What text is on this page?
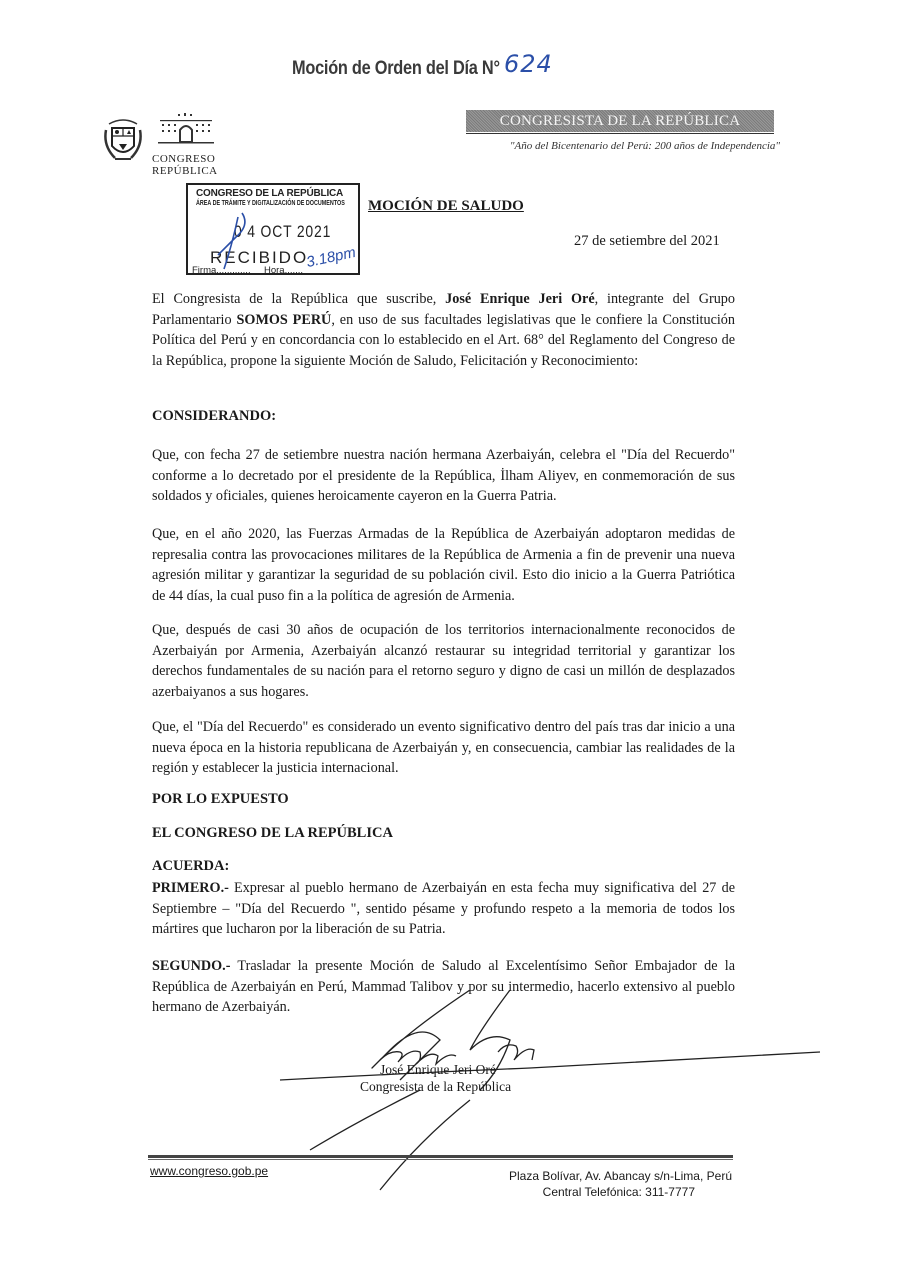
Moción de Orden del Día N° 624
CONGRESO
REPÚBLICA
CONGRESISTA DE LA REPÚBLICA
"Año del Bicentenario del Perú: 200 años de Independencia"
CONGRESO DE LA REPÚBLICA
ÁREA DE TRÁMITE Y DIGITALIZACIÓN DE DOCUMENTOS
0 4 OCT 2021
RECIBIDO
Firma............. Hora....... 3.18pm
MOCIÓN DE SALUDO
27 de setiembre del 2021
El Congresista de la República que suscribe, José Enrique Jeri Oré, integrante del Grupo Parlamentario SOMOS PERÚ, en uso de sus facultades legislativas que le confiere la Constitución Política del Perú y en concordancia con lo establecido en el Art. 68° del Reglamento del Congreso de la República, propone la siguiente Moción de Saludo, Felicitación y Reconocimiento:
CONSIDERANDO:
Que, con fecha 27 de setiembre nuestra nación hermana Azerbaiyán, celebra el "Día del Recuerdo" conforme a lo decretado por el presidente de la República, İlham Aliyev, en conmemoración de sus soldados y oficiales, quienes heroicamente cayeron en la Guerra Patria.
Que, en el año 2020, las Fuerzas Armadas de la República de Azerbaiyán adoptaron medidas de represalia contra las provocaciones militares de la República de Armenia a fin de prevenir una nueva agresión militar y garantizar la seguridad de su población civil. Esto dio inicio a la Guerra Patriótica de 44 días, la cual puso fin a la política de agresión de Armenia.
Que, después de casi 30 años de ocupación de los territorios internacionalmente reconocidos de Azerbaiyán por Armenia, Azerbaiyán alcanzó restaurar su integridad territorial y garantizar los derechos fundamentales de su nación para el retorno seguro y digno de casi un millón de desplazados azerbaiyanos a sus hogares.
Que, el "Día del Recuerdo" es considerado un evento significativo dentro del país tras dar inicio a una nueva época en la historia republicana de Azerbaiyán y, en consecuencia, cambiar las realidades de la región y establecer la justicia internacional.
POR LO EXPUESTO
EL CONGRESO DE LA REPÚBLICA
ACUERDA:
PRIMERO.- Expresar al pueblo hermano de Azerbaiyán en esta fecha muy significativa del 27 de Septiembre – "Día del Recuerdo ", sentido pésame y profundo respeto a la memoria de todos los mártires que lucharon por la liberación de su Patria.
SEGUNDO.- Trasladar la presente Moción de Saludo al Excelentísimo Señor Embajador de la República de Azerbaiyán en Perú, Mammad Talibov y por su intermedio, hacerlo extensivo al pueblo hermano de Azerbaiyán.
José Enrique Jeri Oré
Congresista de la República
www.congreso.gob.pe	Plaza Bolívar, Av. Abancay s/n-Lima, Perú
Central Telefónica: 311-7777
